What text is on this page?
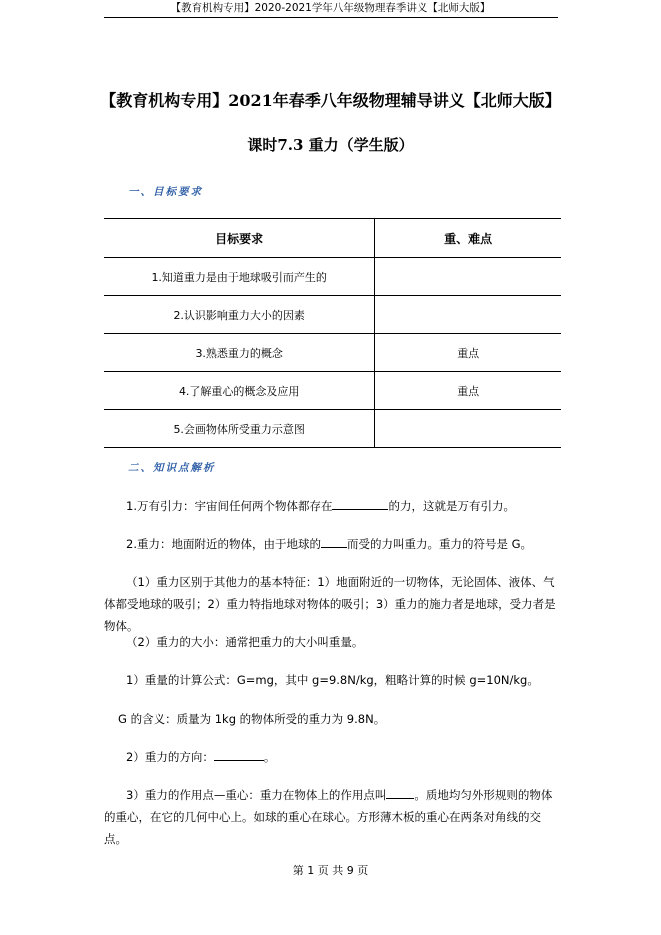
【教育机构专用】2020-2021学年八年级物理春季讲义【北师大版】
【教育机构专用】2021年春季八年级物理辅导讲义【北师大版】
课时7.3 重力（学生版）
一、目标要求
目标要求	重、难点
1.知道重力是由于地球吸引而产生的	
2.认识影响重力大小的因素	
3.熟悉重力的概念	重点
4.了解重心的概念及应用	重点
5.会画物体所受重力示意图	
二、知识点解析
1.万有引力：宇宙间任何两个物体都存在	的力，这就是万有引力。
2.重力：地面附近的物体，由于地球的 而受的力叫重力。重力的符号是 G。
（1）重力区别于其他力的基本特征：1）地面附近的一切物体，无论固体、液体、气体都受地球的吸引；2）重力特指地球对物体的吸引；3）重力的施力者是地球，受力者是物体。
（2）重力的大小：通常把重力的大小叫重量。
1）重量的计算公式：G=mg，其中 g=9.8N/kg，粗略计算的时候 g=10N/kg。
G 的含义：质量为 1kg 的物体所受的重力为 9.8N。
2）重力的方向：	。
3）重力的作用点—重心：重力在物体上的作用点叫 。质地均匀外形规则的物体的重心，在它的几何中心上。如球的重心在球心。方形薄木板的重心在两条对角线的交点。
第 1 页 共 9 页
